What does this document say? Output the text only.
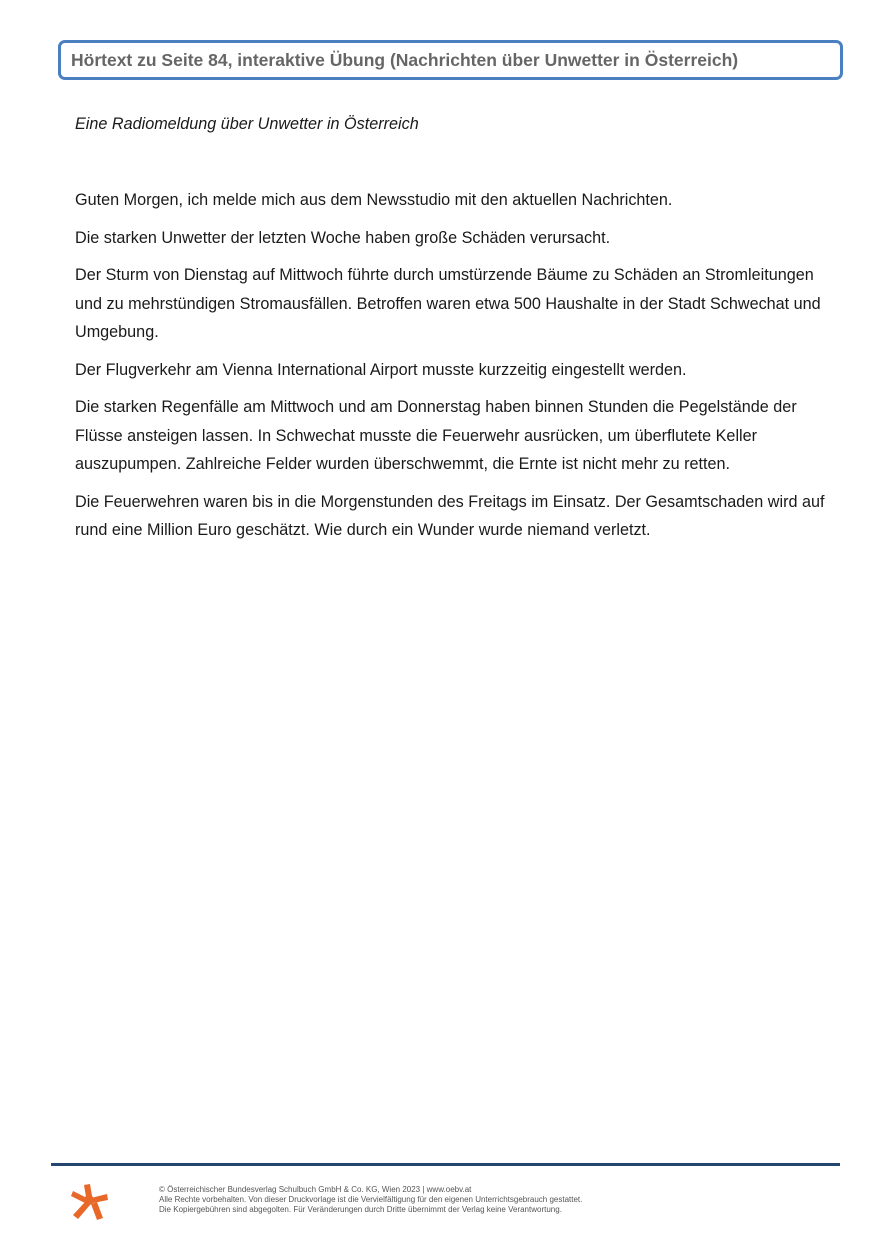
Hörtext zu Seite 84, interaktive Übung (Nachrichten über Unwetter in Österreich)
Eine Radiomeldung über Unwetter in Österreich

Guten Morgen, ich melde mich aus dem Newsstudio mit den aktuellen Nachrichten.

Die starken Unwetter der letzten Woche haben große Schäden verursacht.

Der Sturm von Dienstag auf Mittwoch führte durch umstürzende Bäume zu Schäden an Stromleitungen und zu mehrstündigen Stromausfällen. Betroffen waren etwa 500 Haushalte in der Stadt Schwechat und Umgebung.

Der Flugverkehr am Vienna International Airport musste kurzzeitig eingestellt werden.

Die starken Regenfälle am Mittwoch und am Donnerstag haben binnen Stunden die Pegelstände der Flüsse ansteigen lassen. In Schwechat musste die Feuerwehr ausrücken, um überflutete Keller auszupumpen. Zahlreiche Felder wurden überschwemmt, die Ernte ist nicht mehr zu retten.

Die Feuerwehren waren bis in die Morgenstunden des Freitags im Einsatz. Der Gesamtschaden wird auf rund eine Million Euro geschätzt. Wie durch ein Wunder wurde niemand verletzt.

© Österreichischer Bundesverlag Schulbuch GmbH & Co. KG, Wien 2023 | www.oebv.at
Alle Rechte vorbehalten. Von dieser Druckvorlage ist die Vervielfältigung für den eigenen Unterrichtsgebrauch gestattet.
Die Kopiergebühren sind abgegolten. Für Veränderungen durch Dritte übernimmt der Verlag keine Verantwortung.
